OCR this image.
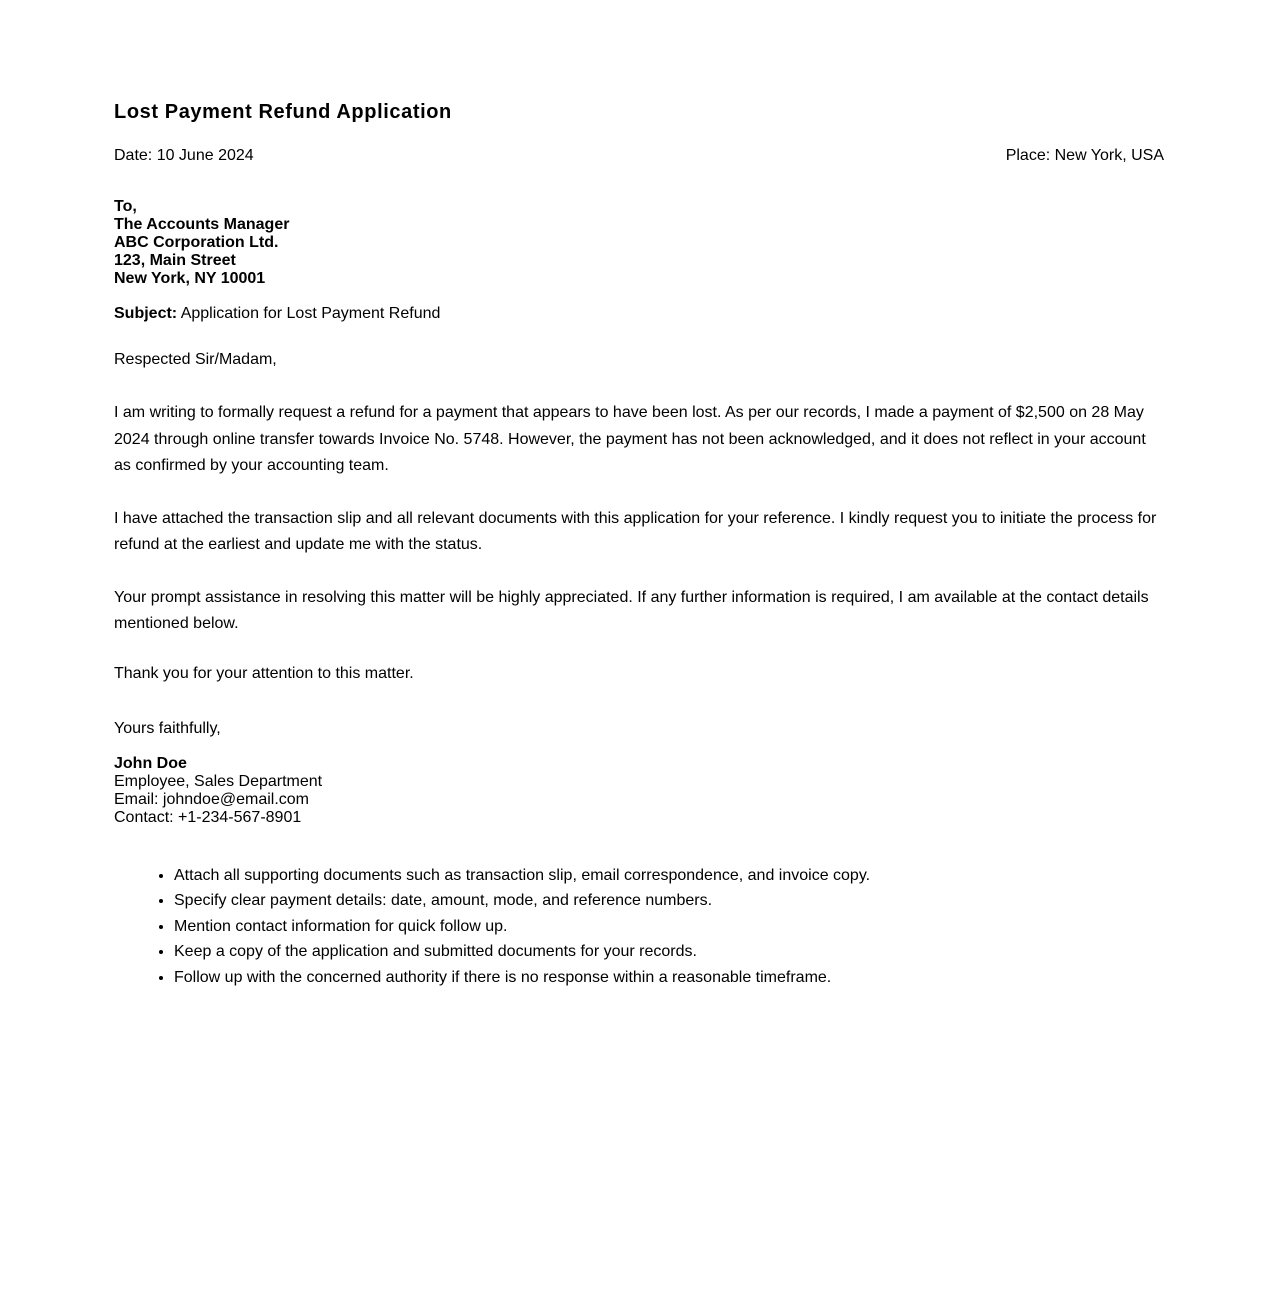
Lost Payment Refund Application
Date: 10 June 2024	Place: New York, USA
To,
The Accounts Manager
ABC Corporation Ltd.
123, Main Street
New York, NY 10001
Subject: Application for Lost Payment Refund
Respected Sir/Madam,
I am writing to formally request a refund for a payment that appears to have been lost. As per our records, I made a payment of $2,500 on 28 May 2024 through online transfer towards Invoice No. 5748. However, the payment has not been acknowledged, and it does not reflect in your account as confirmed by your accounting team.
I have attached the transaction slip and all relevant documents with this application for your reference. I kindly request you to initiate the process for refund at the earliest and update me with the status.
Your prompt assistance in resolving this matter will be highly appreciated. If any further information is required, I am available at the contact details mentioned below.
Thank you for your attention to this matter.
Yours faithfully,
John Doe
Employee, Sales Department
Email: johndoe@email.com
Contact: +1-234-567-8901
• Attach all supporting documents such as transaction slip, email correspondence, and invoice copy.
• Specify clear payment details: date, amount, mode, and reference numbers.
• Mention contact information for quick follow up.
• Keep a copy of the application and submitted documents for your records.
• Follow up with the concerned authority if there is no response within a reasonable timeframe.
